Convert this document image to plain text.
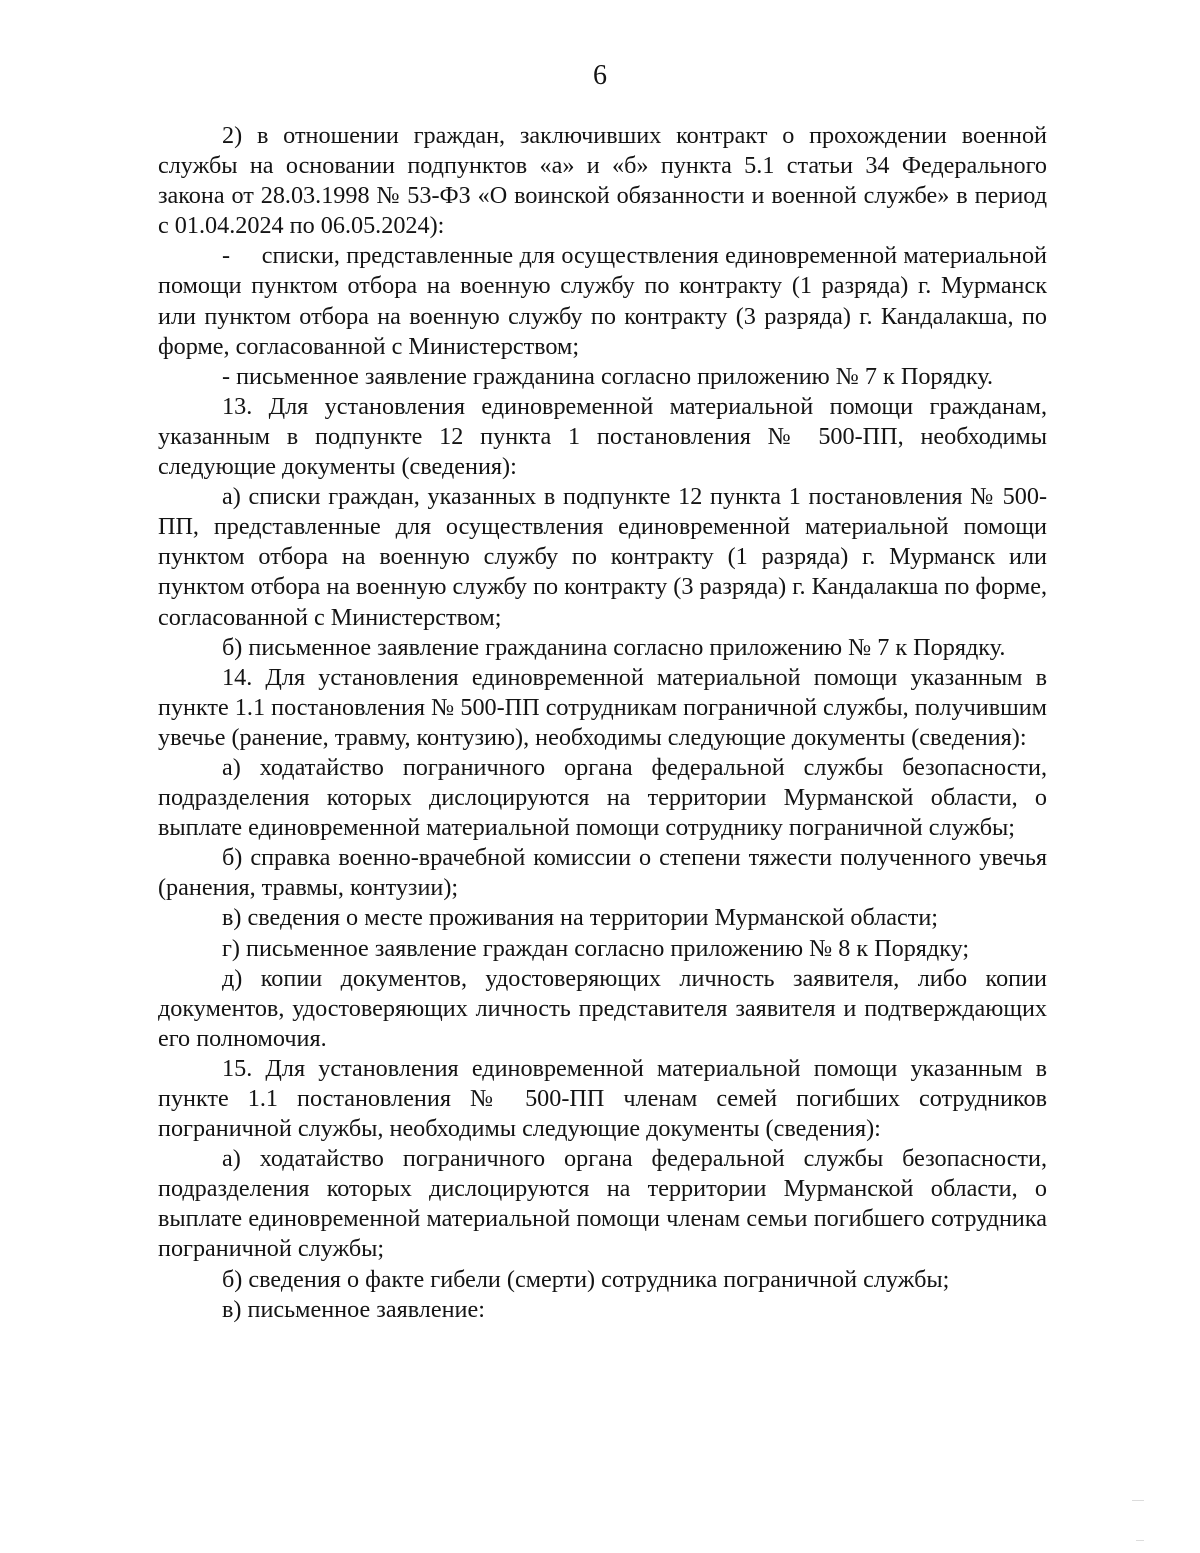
6

2) в отношении граждан, заключивших контракт о прохождении военной службы на основании подпунктов «а» и «б» пункта 5.1 статьи 34 Федерального закона от 28.03.1998 № 53-ФЗ «О воинской обязанности и военной службе» в период с 01.04.2024 по 06.05.2024):

-     списки, представленные для осуществления единовременной материальной помощи пунктом отбора на военную службу по контракту (1 разряда) г. Мурманск или пунктом отбора на военную службу по контракту (3 разряда) г. Кандалакша, по форме, согласованной с Министерством;

- письменное заявление гражданина согласно приложению № 7 к Порядку.

13. Для установления единовременной материальной помощи гражданам, указанным в подпункте 12 пункта 1 постановления № 500-ПП, необходимы следующие документы (сведения):

а) списки граждан, указанных в подпункте 12 пункта 1 постановления № 500-ПП, представленные для осуществления единовременной материальной помощи пунктом отбора на военную службу по контракту (1 разряда) г. Мурманск или пунктом отбора на военную службу по контракту (3 разряда) г. Кандалакша по форме, согласованной с Министерством;

б) письменное заявление гражданина согласно приложению № 7 к Порядку.

14. Для установления единовременной материальной помощи указанным в пункте 1.1 постановления № 500-ПП сотрудникам пограничной службы, получившим увечье (ранение, травму, контузию), необходимы следующие документы (сведения):

а) ходатайство пограничного органа федеральной службы безопасности, подразделения которых дислоцируются на территории Мурманской области, о выплате единовременной материальной помощи сотруднику пограничной службы;

б) справка военно-врачебной комиссии о степени тяжести полученного увечья (ранения, травмы, контузии);

в) сведения о месте проживания на территории Мурманской области;

г) письменное заявление граждан согласно приложению № 8 к Порядку;

д) копии документов, удостоверяющих личность заявителя, либо копии документов, удостоверяющих личность представителя заявителя и подтверждающих его полномочия.

15. Для установления единовременной материальной помощи указанным в пункте 1.1 постановления № 500-ПП членам семей погибших сотрудников пограничной службы, необходимы следующие документы (сведения):

а) ходатайство пограничного органа федеральной службы безопасности, подразделения которых дислоцируются на территории Мурманской области, о выплате единовременной материальной помощи членам семьи погибшего сотрудника пограничной службы;

б) сведения о факте гибели (смерти) сотрудника пограничной службы;

в) письменное заявление:
